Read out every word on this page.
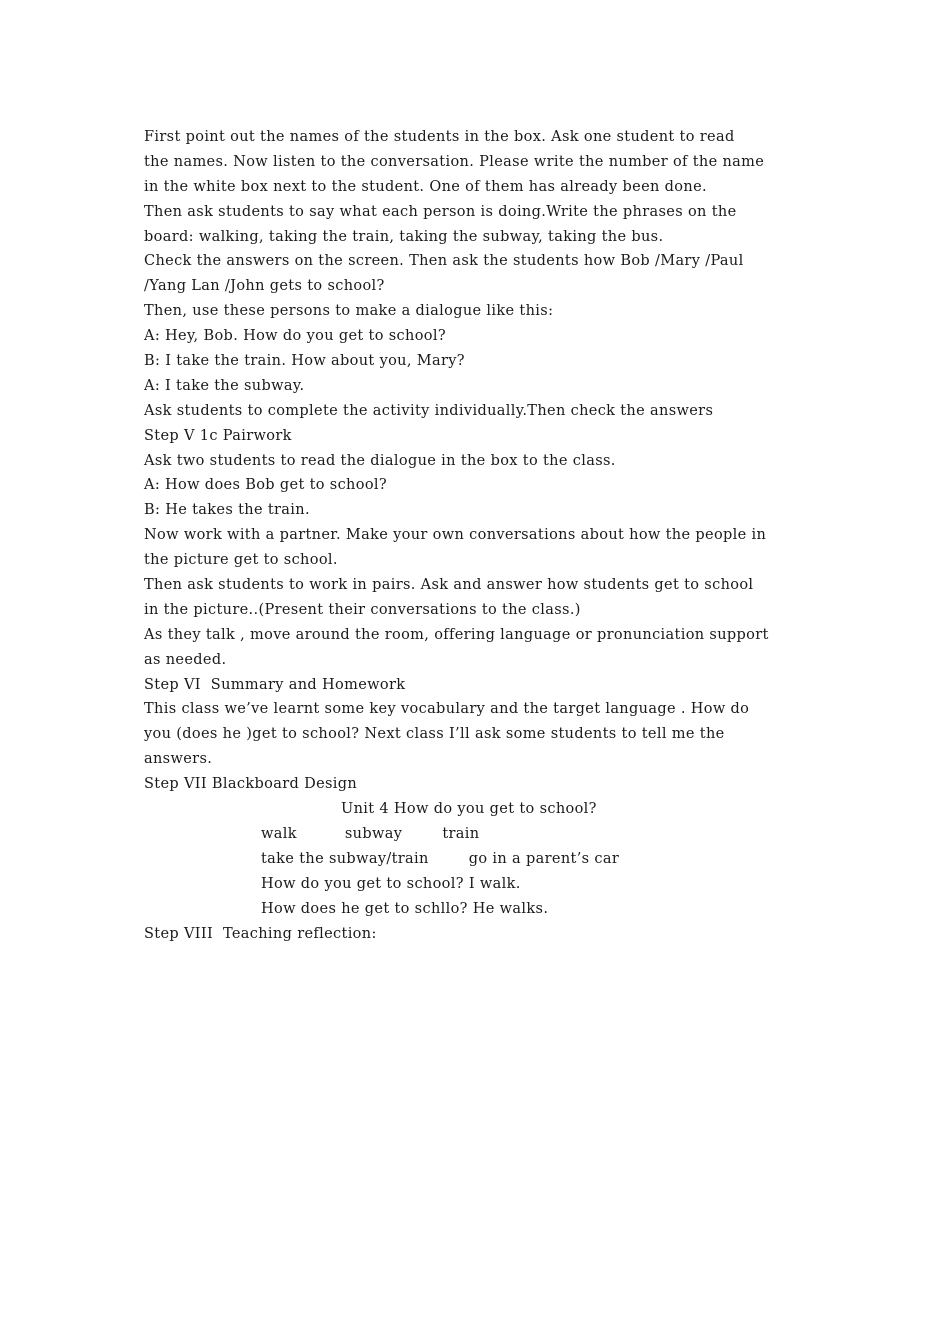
First point out the names of the students in the box. Ask one student to read
the names. Now listen to the conversation. Please write the number of the name
in the white box next to the student. One of them has already been done.
Then ask students to say what each person is doing.Write the phrases on the
board: walking, taking the train, taking the subway, taking the bus.
Check the answers on the screen. Then ask the students how Bob /Mary /Paul
/Yang Lan /John gets to school?
Then, use these persons to make a dialogue like this:
A: Hey, Bob. How do you get to school?
B: I take the train. How about you, Mary?
A: I take the subway.
Ask students to complete the activity individually.Then check the answers
Step V 1c Pairwork
Ask two students to read the dialogue in the box to the class.
A: How does Bob get to school?
B: He takes the train.
Now work with a partner. Make your own conversations about how the people in
the picture get to school.
Then ask students to work in pairs. Ask and answer how students get to school
in the picture..(Present their conversations to the class.)
As they talk , move around the room, offering language or pronunciation support
as needed.
Step VI  Summary and Homework
This class we’ve learnt some key vocabulary and the target language . How do
you (does he )get to school? Next class I’ll ask some students to tell me the
answers.
Step VII Blackboard Design
Unit 4 How do you get to school?
walk	subway	train
take the subway/train	go in a parent’s car
How do you get to school? I walk.
How does he get to schllo? He walks.
Step VIII  Teaching reflection:
